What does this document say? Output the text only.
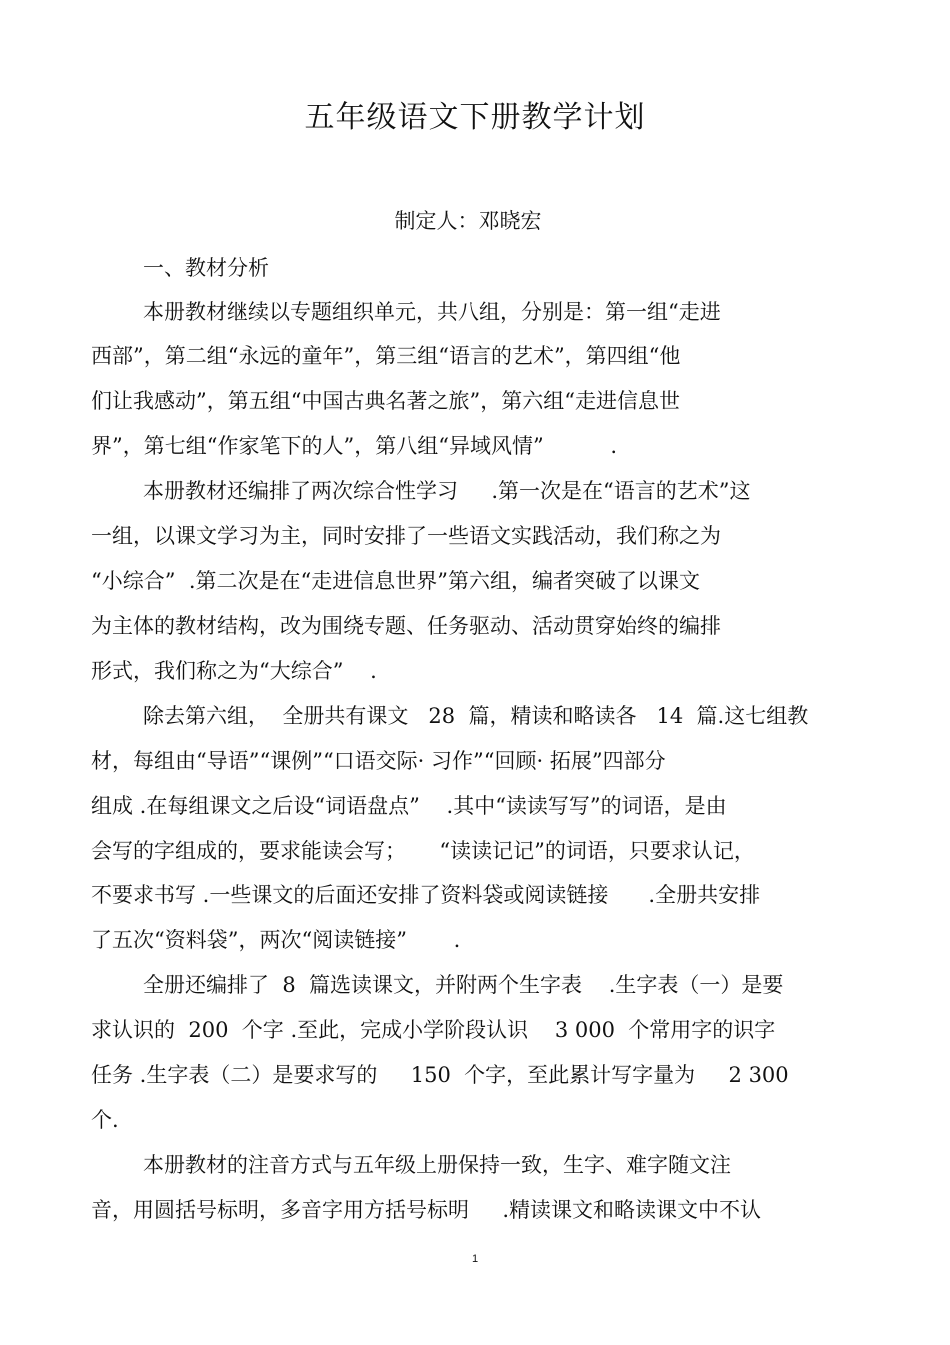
五年级语文下册教学计划
制定人：邓晓宏
一、教材分析
本册教材继续以专题组织单元，共八组，分别是：第一组“走进
西部”，第二组“永远的童年”，第三组“语言的艺术”，第四组“他
们让我感动”，第五组“中国古典名著之旅”，第六组“走进信息世
界”，第七组“作家笔下的人”，第八组“异域风情”          .
本册教材还编排了两次综合性学习     .第一次是在“语言的艺术”这
一组，以课文学习为主，同时安排了一些语文实践活动，我们称之为
“小综合”  .第二次是在“走进信息世界”第六组，编者突破了以课文
为主体的教材结构，改为围绕专题、任务驱动、活动贯穿始终的编排
形式，我们称之为“大综合”    .
除去第六组，  全册共有课文   28  篇，精读和略读各   14  篇.这七组教
材，每组由“导语”“课例”“口语交际· 习作”“回顾· 拓展”四部分
组成 .在每组课文之后设“词语盘点”    .其中“读读写写”的词语，是由
会写的字组成的，要求能读会写；     “读读记记”的词语，只要求认记，
不要求书写 .一些课文的后面还安排了资料袋或阅读链接      .全册共安排
了五次“资料袋”，两次“阅读链接”       .
全册还编排了  8  篇选读课文，并附两个生字表    .生字表（一）是要
求认识的  200  个字 .至此，完成小学阶段认识    3 000  个常用字的识字
任务 .生字表（二）是要求写的     150  个字，至此累计写字量为     2 300
个.
本册教材的注音方式与五年级上册保持一致，生字、难字随文注
音，用圆括号标明，多音字用方括号标明     .精读课文和略读课文中不认
1
